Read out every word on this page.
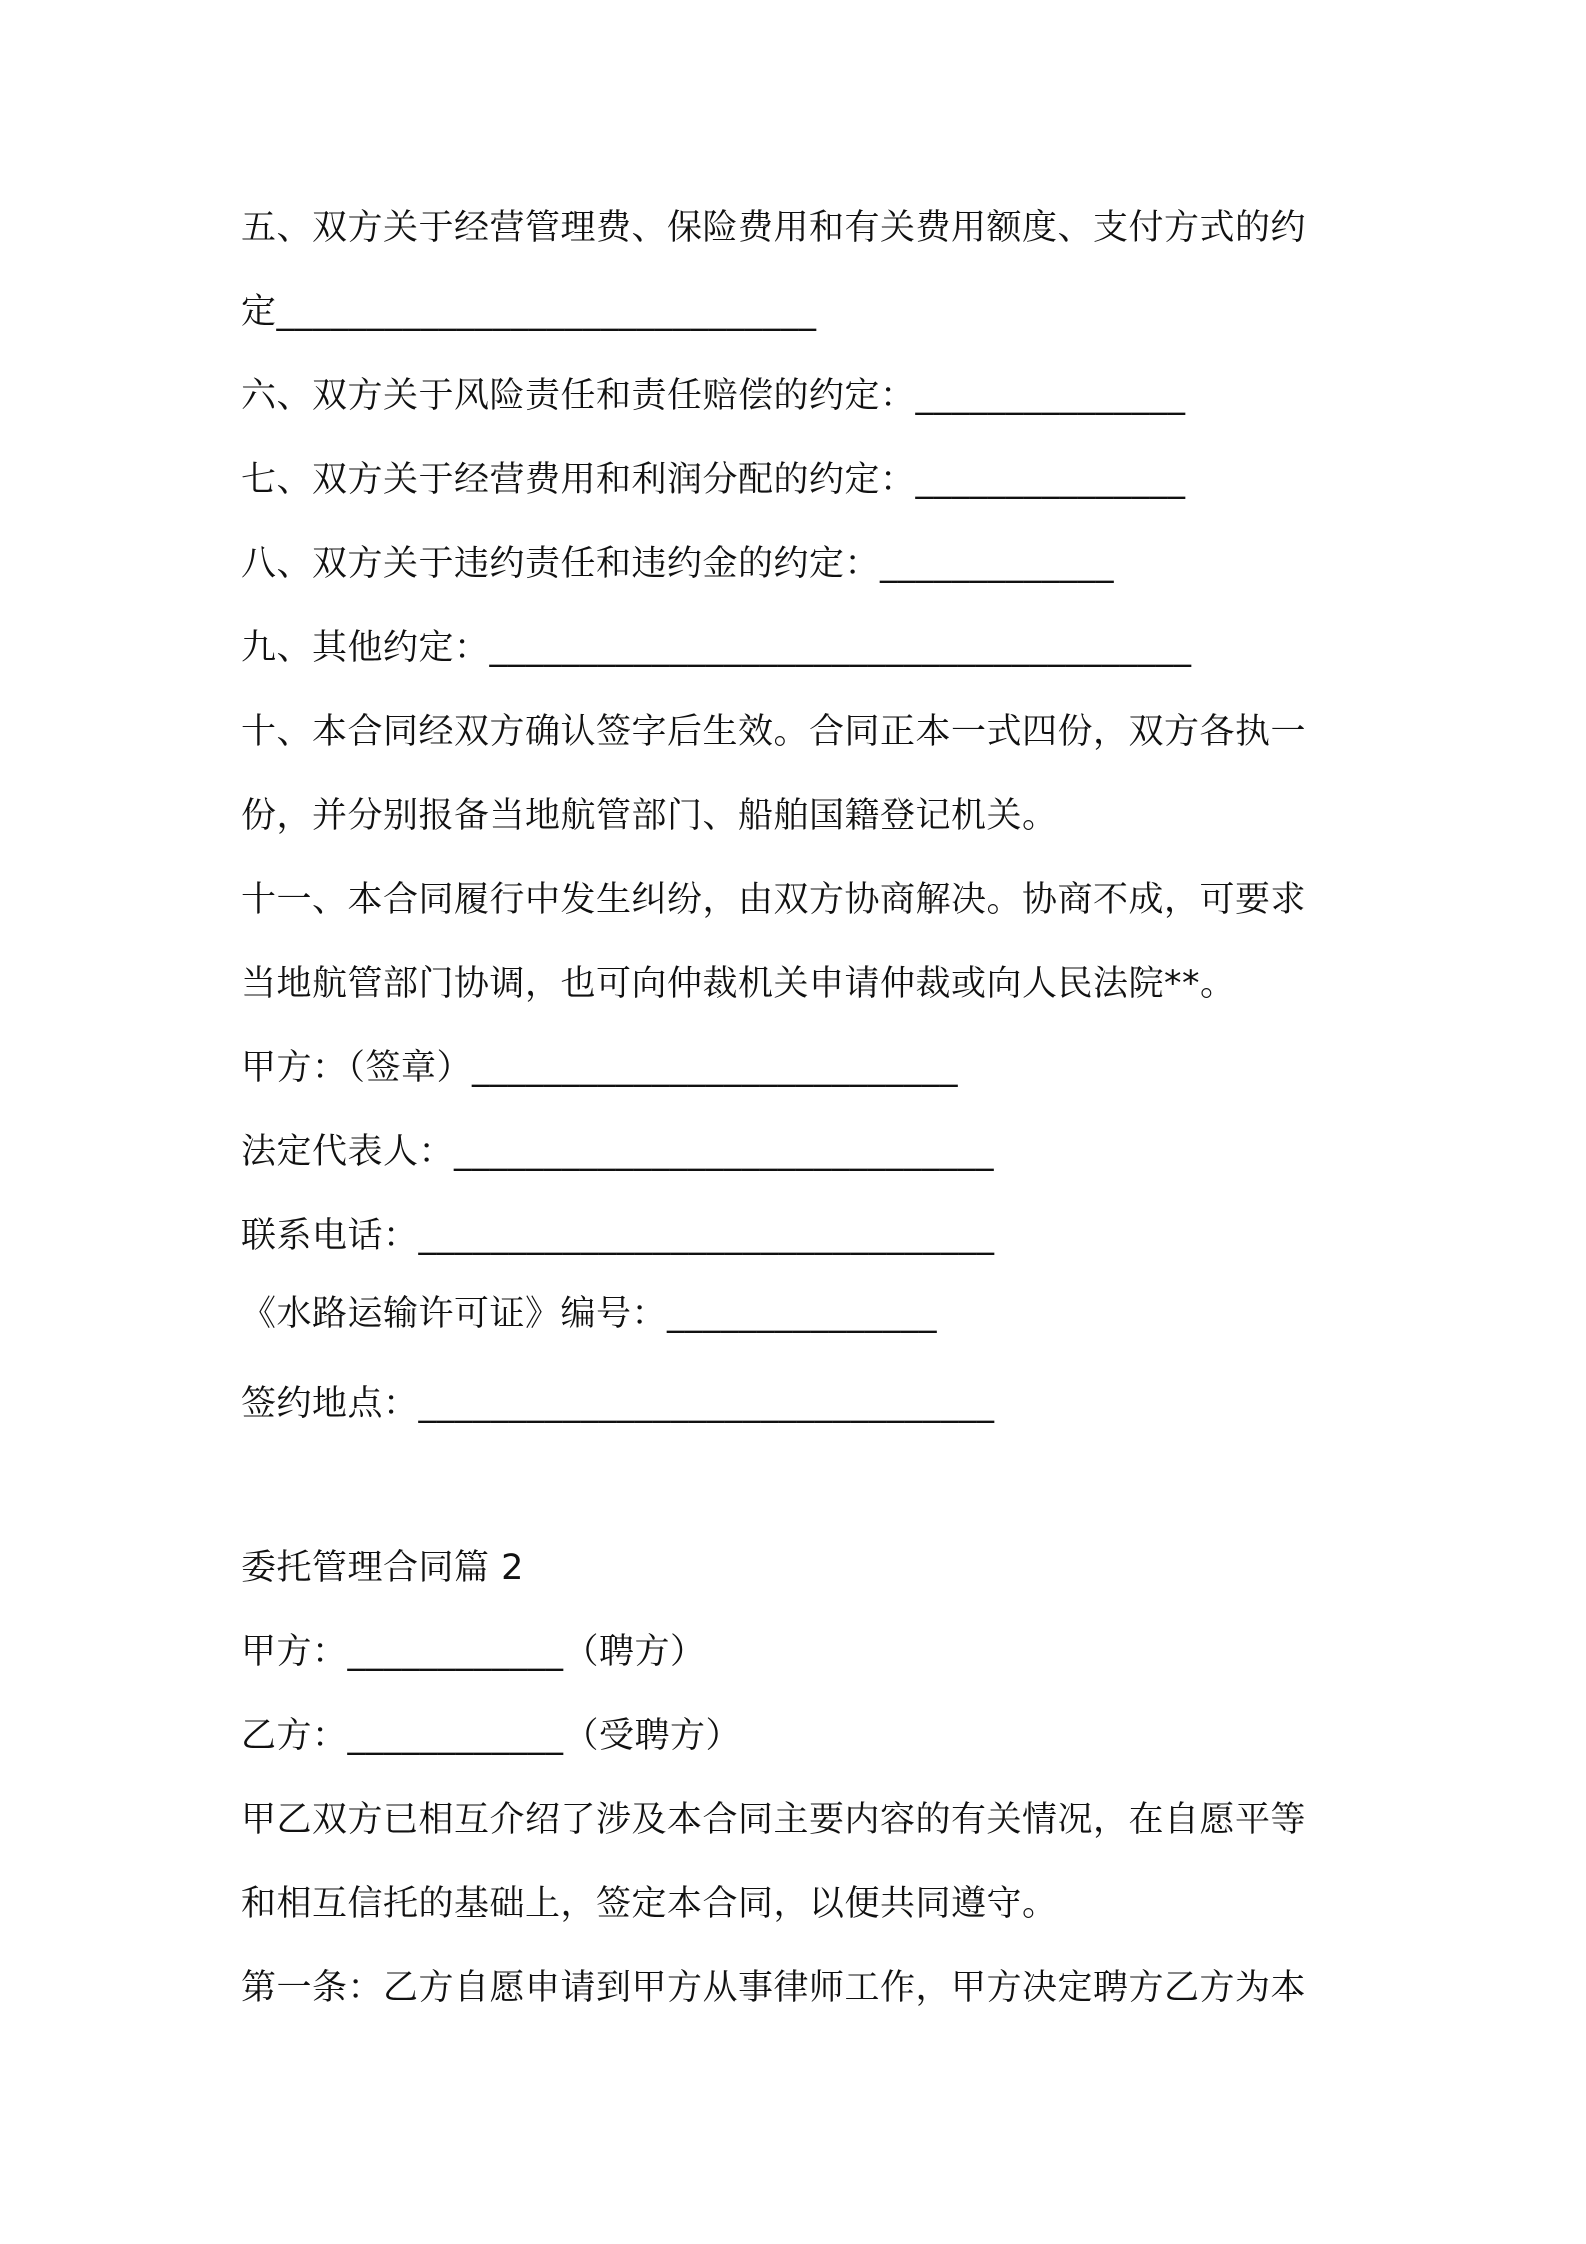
五、双方关于经营管理费、保险费用和有关费用额度、支付方式的约
定______________________________
六、双方关于风险责任和责任赔偿的约定：_______________
七、双方关于经营费用和利润分配的约定：_______________
八、双方关于违约责任和违约金的约定：_____________
九、其他约定：_______________________________________
十、本合同经双方确认签字后生效。合同正本一式四份，双方各执一
份，并分别报备当地航管部门、船舶国籍登记机关。
十一、本合同履行中发生纠纷，由双方协商解决。协商不成，可要求
当地航管部门协调，也可向仲裁机关申请仲裁或向人民法院**。
甲方：（签章）___________________________
法定代表人：______________________________
联系电话：________________________________
《水路运输许可证》编号：_______________
签约地点：________________________________
委托管理合同篇 2
甲方：____________（聘方）
乙方：____________（受聘方）
甲乙双方已相互介绍了涉及本合同主要内容的有关情况，在自愿平等
和相互信托的基础上，签定本合同，以便共同遵守。
第一条：乙方自愿申请到甲方从事律师工作，甲方决定聘方乙方为本
